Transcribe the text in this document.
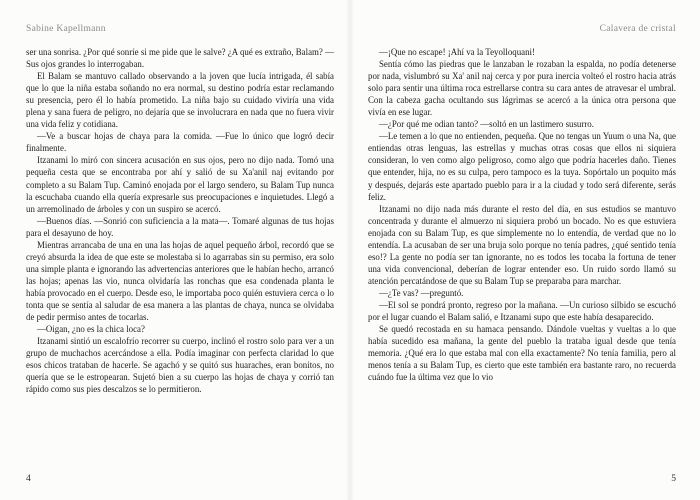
Sabine Kapellmann

ser una sonrisa. ¿Por qué sonríe si me pide que le salve? ¿A qué es extraño, Balam? —Sus ojos grandes lo interrogaban.

El Balam se mantuvo callado observando a la joven que lucía intrigada, él sabía que lo que la niña estaba soñando no era normal, su destino podría estar reclamando su presencia, pero él lo había prometido. La niña bajo su cuidado viviría una vida plena y sana fuera de peligro, no dejaría que se involucrara en nada que no fuera vivir una vida feliz y cotidiana.

—Ve a buscar hojas de chaya para la comida. —Fue lo único que logró decir finalmente.

Itzanami lo miró con sincera acusación en sus ojos, pero no dijo nada. Tomó una pequeña cesta que se encontraba por ahí y salió de su Xa'anil naj evitando por completo a su Balam Tup. Caminó enojada por el largo sendero, su Balam Tup nunca la escuchaba cuando ella quería expresarle sus preocupaciones e inquietudes. Llegó a un arremolinado de árboles y con un suspiro se acercó.

—Buenos días. —Sonrió con suficiencia a la mata—. Tomaré algunas de tus hojas para el desayuno de hoy.

Mientras arrancaba de una en una las hojas de aquel pequeño árbol, recordó que se creyó absurda la idea de que este se molestaba si lo agarrabas sin su permiso, era solo una simple planta e ignorando las advertencias anteriores que le habían hecho, arrancó las hojas; apenas las vio, nunca olvidaría las ronchas que esa condenada planta le había provocado en el cuerpo. Desde eso, le importaba poco quién estuviera cerca o lo tonta que se sentía al saludar de esa manera a las plantas de chaya, nunca se olvidaba de pedir permiso antes de tocarlas.

—Oigan, ¿no es la chica loca?

Itzanami sintió un escalofrío recorrer su cuerpo, inclinó el rostro solo para ver a un grupo de muchachos acercándose a ella. Podía imaginar con perfecta claridad lo que esos chicos trataban de hacerle. Se agachó y se quitó sus huaraches, eran bonitos, no quería que se le estropearan. Sujetó bien a su cuerpo las hojas de chaya y corrió tan rápido como sus pies descalzos se lo permitieron.

4
Calavera de cristal

—¡Que no escape! ¡Ahí va la Teyolloquani!

Sentía cómo las piedras que le lanzaban le rozaban la espalda, no podía detenerse por nada, vislumbró su Xa' anil naj cerca y por pura inercia volteó el rostro hacia atrás solo para sentir una última roca estrellarse contra su cara antes de atravesar el umbral. Con la cabeza gacha ocultando sus lágrimas se acercó a la única otra persona que vivía en ese lugar.

—¿Por qué me odian tanto? —soltó en un lastimero susurro.

—Le temen a lo que no entienden, pequeña. Que no tengas un Yuum o una Na, que entiendas otras lenguas, las estrellas y muchas otras cosas que ellos ni siquiera consideran, lo ven como algo peligroso, como algo que podría hacerles daño. Tienes que entender, hija, no es su culpa, pero tampoco es la tuya. Sopórtalo un poquito más y después, dejarás este apartado pueblo para ir a la ciudad y todo será diferente, serás feliz.

Itzanami no dijo nada más durante el resto del día, en sus estudios se mantuvo concentrada y durante el almuerzo ni siquiera probó un bocado. No es que estuviera enojada con su Balam Tup, es que simplemente no lo entendía, de verdad que no lo entendía. La acusaban de ser una bruja solo porque no tenía padres, ¿qué sentido tenía eso!? La gente no podía ser tan ignorante, no es todos les tocaba la fortuna de tener una vida convencional, deberían de lograr entender eso. Un ruido sordo llamó su atención percatándose de que su Balam Tup se preparaba para marchar.

—¿Te vas? —preguntó.

—El sol se pondrá pronto, regreso por la mañana. —Un curioso silbido se escuchó por el lugar cuando el Balam salió, e Itzanami supo que este había desaparecido.

Se quedó recostada en su hamaca pensando. Dándole vueltas y vueltas a lo que había sucedido esa mañana, la gente del pueblo la trataba igual desde que tenía memoria. ¿Qué era lo que estaba mal con ella exactamente? No tenía familia, pero al menos tenía a su Balam Tup, es cierto que este también era bastante raro, no recuerda cuándo fue la última vez que lo vio

5
